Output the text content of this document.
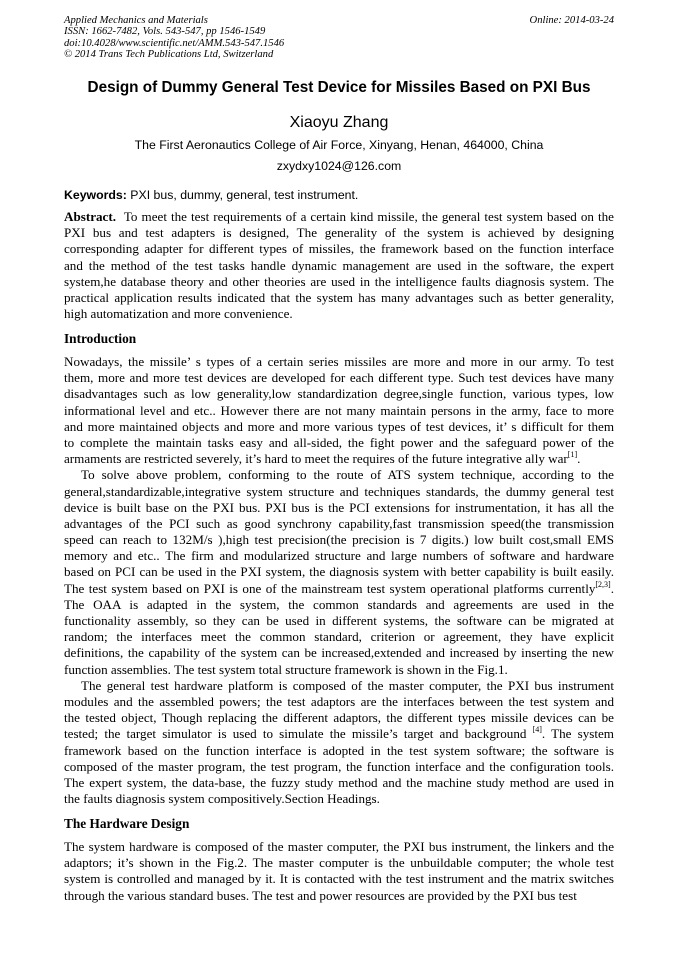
Applied Mechanics and Materials	Online: 2014-03-24
ISSN: 1662-7482, Vols. 543-547, pp 1546-1549
doi:10.4028/www.scientific.net/AMM.543-547.1546
© 2014 Trans Tech Publications Ltd, Switzerland
Design of Dummy General Test Device for Missiles Based on PXI Bus
Xiaoyu Zhang
The First Aeronautics College of Air Force, Xinyang, Henan, 464000, China
zxydxy1024@126.com
Keywords: PXI bus, dummy, general, test instrument.
Abstract. To meet the test requirements of a certain kind missile, the general test system based on the
PXI bus and test adapters is designed, The generality of the system is achieved by designing
corresponding adapter for different types of missiles, the framework based on the function interface
and the method of the test tasks handle dynamic management are used in the software, the expert
system,he database theory and other theories are used in the intelligence faults diagnosis system. The
practical application results indicated that the system has many advantages such as better generality,
high automatization and more convenience.
Introduction
Nowadays, the missile’ s types of a certain series missiles are more and more in our army. To test
them, more and more test devices are developed for each different type. Such test devices have many
disadvantages such as low generality,low standardization degree,single function, various types, low
informational level and etc.. However there are not many maintain persons in the army, face to more
and more maintained objects and more and more various types of test devices, it’ s difficult for them
to complete the maintain tasks easy and all-sided, the fight power and the safeguard power of the
armaments are restricted severely, it’s hard to meet the requires of the future integrative ally war[1].
To solve above problem, conforming to the route of ATS system technique, according to the
general,standardizable,integrative system structure and techniques standards, the dummy general test
device is built base on the PXI bus. PXI bus is the PCI extensions for instrumentation, it has all the
advantages of the PCI such as good synchrony capability,fast transmission speed(the transmission
speed can reach to 132M/s ),high test precision(the precision is 7 digits.) low built cost,small EMS
memory and etc.. The firm and modularized structure and large numbers of software and hardware
based on PCI can be used in the PXI system, the diagnosis system with better capability is built easily.
The test system based on PXI is one of the mainstream test system operational platforms currently[2,3].
The OAA is adapted in the system, the common standards and agreements are used in the
functionality assembly, so they can be used in different systems, the software can be migrated at
random; the interfaces meet the common standard, criterion or agreement, they have explicit
definitions, the capability of the system can be increased,extended and increased by inserting the new
function assemblies. The test system total structure framework is shown in the Fig.1.
The general test hardware platform is composed of the master computer, the PXI bus instrument
modules and the assembled powers; the test adaptors are the interfaces between the test system and
the tested object, Though replacing the different adaptors, the different types missile devices can be
tested; the target simulator is used to simulate the missile’s target and background [4]. The system
framework based on the function interface is adopted in the test system software; the software is
composed of the master program, the test program, the function interface and the configuration tools.
The expert system, the data-base, the fuzzy study method and the machine study method are used in
the faults diagnosis system compositively.Section Headings.
The Hardware Design
The system hardware is composed of the master computer, the PXI bus instrument, the linkers and the
adaptors; it’s shown in the Fig.2. The master computer is the unbuildable computer; the whole test
system is controlled and managed by it. It is contacted with the test instrument and the matrix switches
through the various standard buses. The test and power resources are provided by the PXI bus test
